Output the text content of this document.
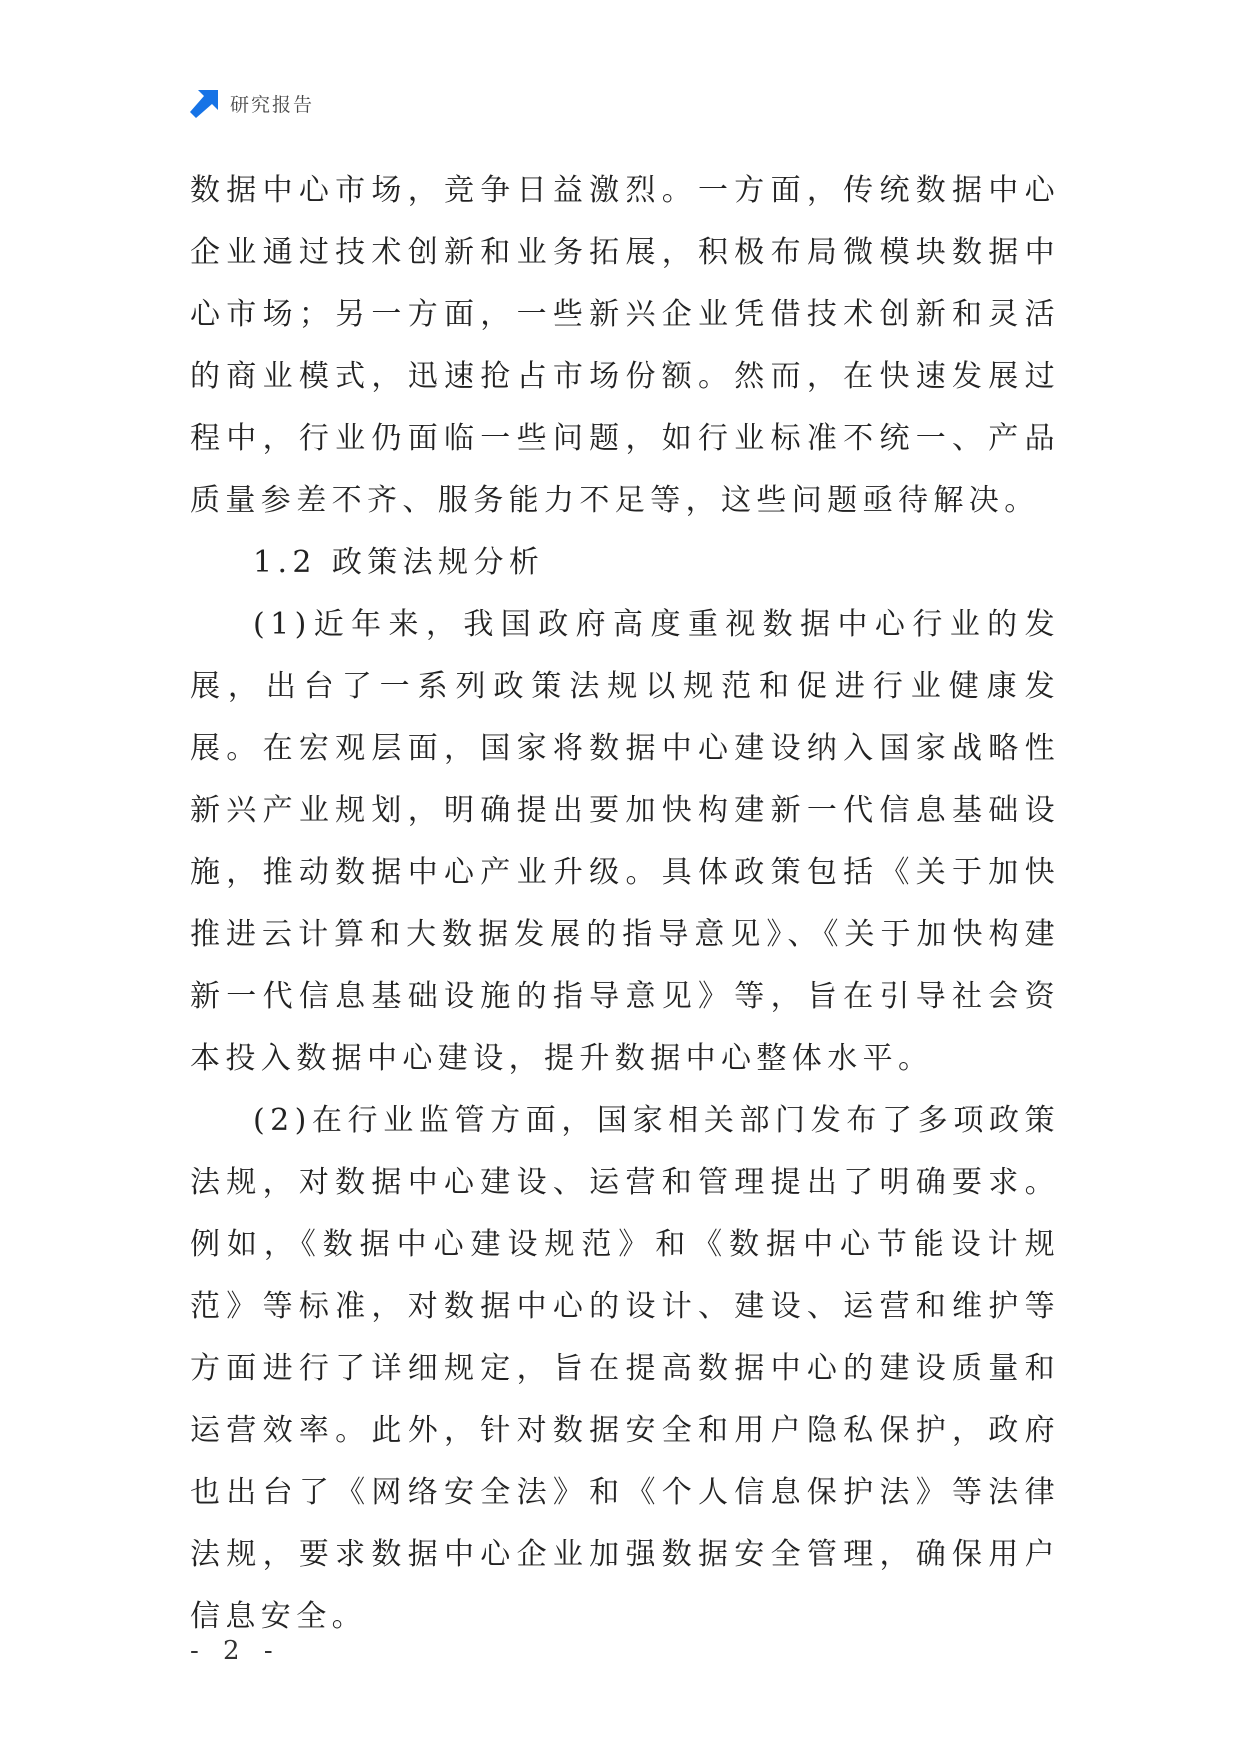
研究报告

数据中心市场，竞争日益激烈。一方面，传统数据中心企业通过技术创新和业务拓展，积极布局微模块数据中心市场；另一方面，一些新兴企业凭借技术创新和灵活的商业模式，迅速抢占市场份额。然而，在快速发展过程中，行业仍面临一些问题，如行业标准不统一、产品质量参差不齐、服务能力不足等，这些问题亟待解决。

1.2 政策法规分析

(1)近年来，我国政府高度重视数据中心行业的发展，出台了一系列政策法规以规范和促进行业健康发展。在宏观层面，国家将数据中心建设纳入国家战略性新兴产业规划，明确提出要加快构建新一代信息基础设施，推动数据中心产业升级。具体政策包括《关于加快推进云计算和大数据发展的指导意见》、《关于加快构建新一代信息基础设施的指导意见》等，旨在引导社会资本投入数据中心建设，提升数据中心整体水平。

(2)在行业监管方面，国家相关部门发布了多项政策法规，对数据中心建设、运营和管理提出了明确要求。例如，《数据中心建设规范》和《数据中心节能设计规范》等标准，对数据中心的设计、建设、运营和维护等方面进行了详细规定，旨在提高数据中心的建设质量和运营效率。此外，针对数据安全和用户隐私保护，政府也出台了《网络安全法》和《个人信息保护法》等法律法规，要求数据中心企业加强数据安全管理，确保用户信息安全。

- 2 -
